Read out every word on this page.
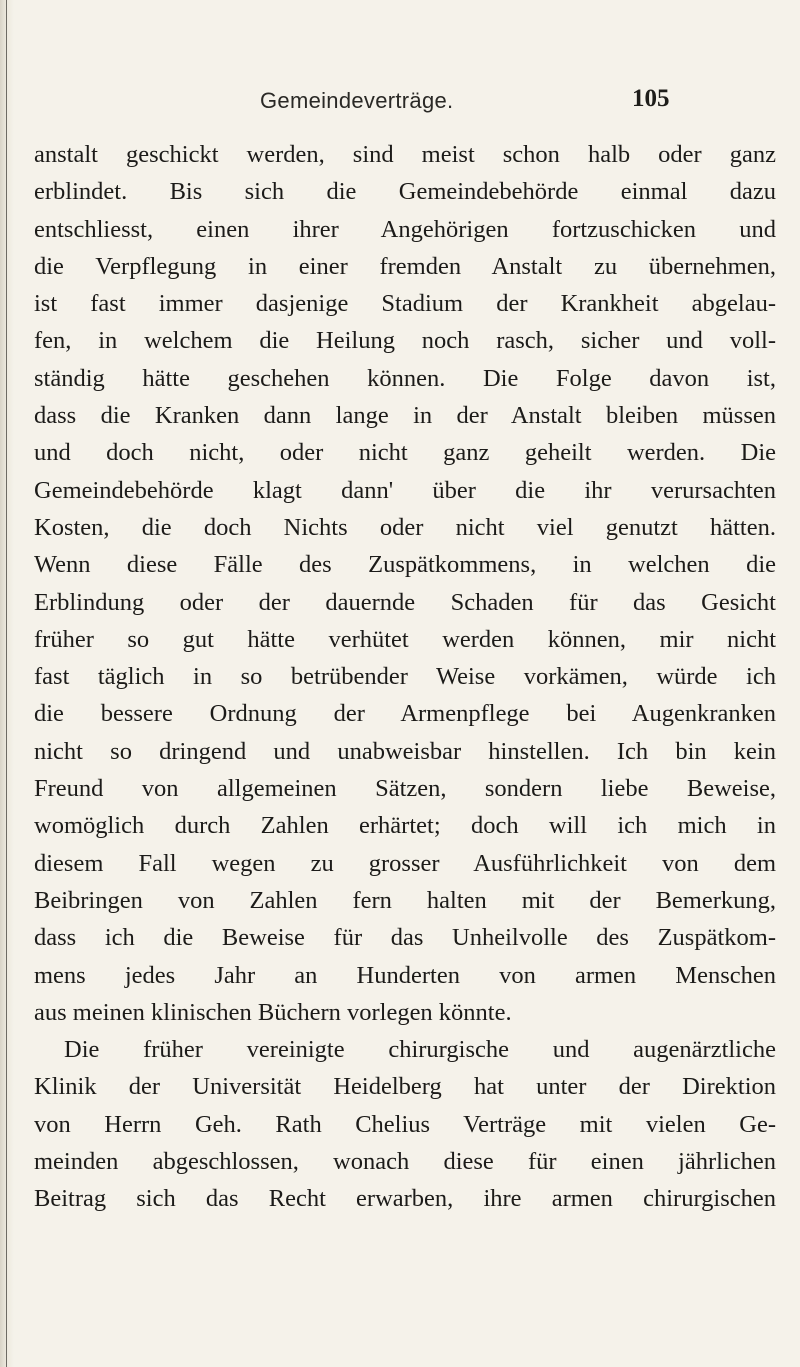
Gemeindeverträge.	105
anstalt geschickt werden, sind meist schon halb oder ganz
erblindet. Bis sich die Gemeindebehörde einmal dazu
entschliesst, einen ihrer Angehörigen fortzuschicken und
die Verpflegung in einer fremden Anstalt zu übernehmen,
ist fast immer dasjenige Stadium der Krankheit abgelau-
fen, in welchem die Heilung noch rasch, sicher und voll-
ständig hätte geschehen können. Die Folge davon ist,
dass die Kranken dann lange in der Anstalt bleiben müssen
und doch nicht, oder nicht ganz geheilt werden. Die
Gemeindebehörde klagt dann' über die ihr verursachten
Kosten, die doch Nichts oder nicht viel genutzt hätten.
Wenn diese Fälle des Zuspätkommens, in welchen die
Erblindung oder der dauernde Schaden für das Gesicht
früher so gut hätte verhütet werden können, mir nicht
fast täglich in so betrübender Weise vorkämen, würde ich
die bessere Ordnung der Armenpflege bei Augenkranken
nicht so dringend und unabweisbar hinstellen. Ich bin kein
Freund von allgemeinen Sätzen, sondern liebe Beweise,
womöglich durch Zahlen erhärtet; doch will ich mich in
diesem Fall wegen zu grosser Ausführlichkeit von dem
Beibringen von Zahlen fern halten mit der Bemerkung,
dass ich die Beweise für das Unheilvolle des Zuspätkom-
mens jedes Jahr an Hunderten von armen Menschen
aus meinen klinischen Büchern vorlegen könnte.
Die früher vereinigte chirurgische und augenärztliche
Klinik der Universität Heidelberg hat unter der Direktion
von Herrn Geh. Rath Chelius Verträge mit vielen Ge-
meinden abgeschlossen, wonach diese für einen jährlichen
Beitrag sich das Recht erwarben, ihre armen chirurgischen
